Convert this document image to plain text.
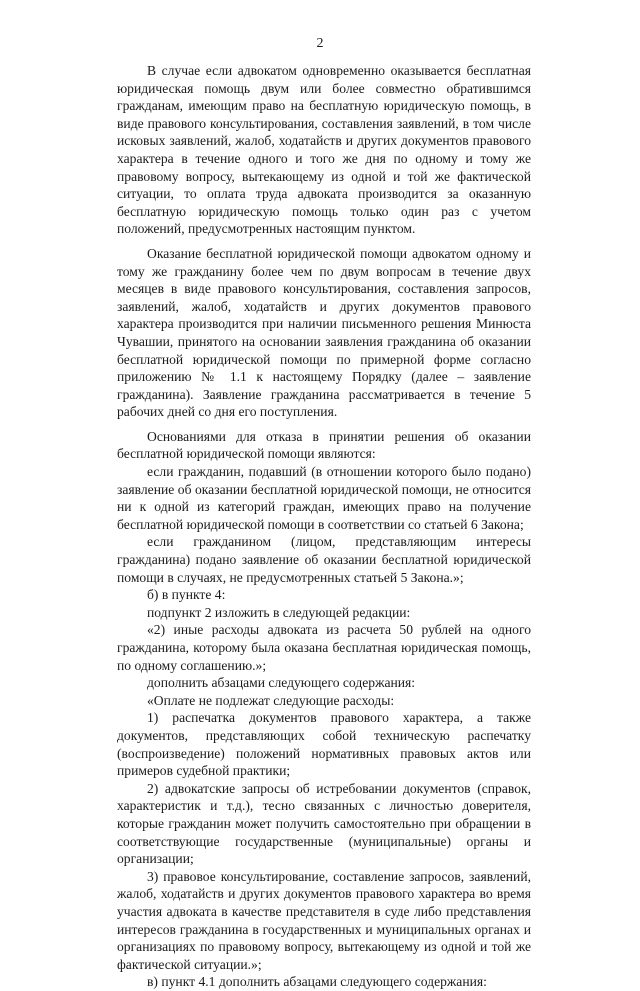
2

В случае если адвокатом одновременно оказывается бесплатная юридическая помощь двум или более совместно обратившимся гражданам, имеющим право на бесплатную юридическую помощь, в виде правового консультирования, составления заявлений, в том числе исковых заявлений, жалоб, ходатайств и других документов правового характера в течение одного и того же дня по одному и тому же правовому вопросу, вытекающему из одной и той же фактической ситуации, то оплата труда адвоката производится за оказанную бесплатную юридическую помощь только один раз с учетом положений, предусмотренных настоящим пунктом.

Оказание бесплатной юридической помощи адвокатом одному и тому же гражданину более чем по двум вопросам в течение двух месяцев в виде правового консультирования, составления запросов, заявлений, жалоб, ходатайств и других документов правового характера производится при наличии письменного решения Минюста Чувашии, принятого на основании заявления гражданина об оказании бесплатной юридической помощи по примерной форме согласно приложению № 1.1 к настоящему Порядку (далее – заявление гражданина). Заявление гражданина рассматривается в течение 5 рабочих дней со дня его поступления.

Основаниями для отказа в принятии решения об оказании бесплатной юридической помощи являются:

если гражданин, подавший (в отношении которого было подано) заявление об оказании бесплатной юридической помощи, не относится ни к одной из категорий граждан, имеющих право на получение бесплатной юридической помощи в соответствии со статьей 6 Закона;

если гражданином (лицом, представляющим интересы гражданина) подано заявление об оказании бесплатной юридической помощи в случаях, не предусмотренных статьей 5 Закона.»;

б) в пункте 4:

подпункт 2 изложить в следующей редакции:

«2) иные расходы адвоката из расчета 50 рублей на одного гражданина, которому была оказана бесплатная юридическая помощь, по одному соглашению.»;

дополнить абзацами следующего содержания:

«Оплате не подлежат следующие расходы:

1) распечатка документов правового характера, а также документов, представляющих собой техническую распечатку (воспроизведение) положений нормативных правовых актов или примеров судебной практики;

2) адвокатские запросы об истребовании документов (справок, характеристик и т.д.), тесно связанных с личностью доверителя, которые гражданин может получить самостоятельно при обращении в соответствующие государственные (муниципальные) органы и организации;

3) правовое консультирование, составление запросов, заявлений, жалоб, ходатайств и других документов правового характера во время участия адвоката в качестве представителя в суде либо представления интересов гражданина в государственных и муниципальных органах и организациях по правовому вопросу, вытекающему из одной и той же фактической ситуации.»;

в) пункт 4.1 дополнить абзацами следующего содержания:
